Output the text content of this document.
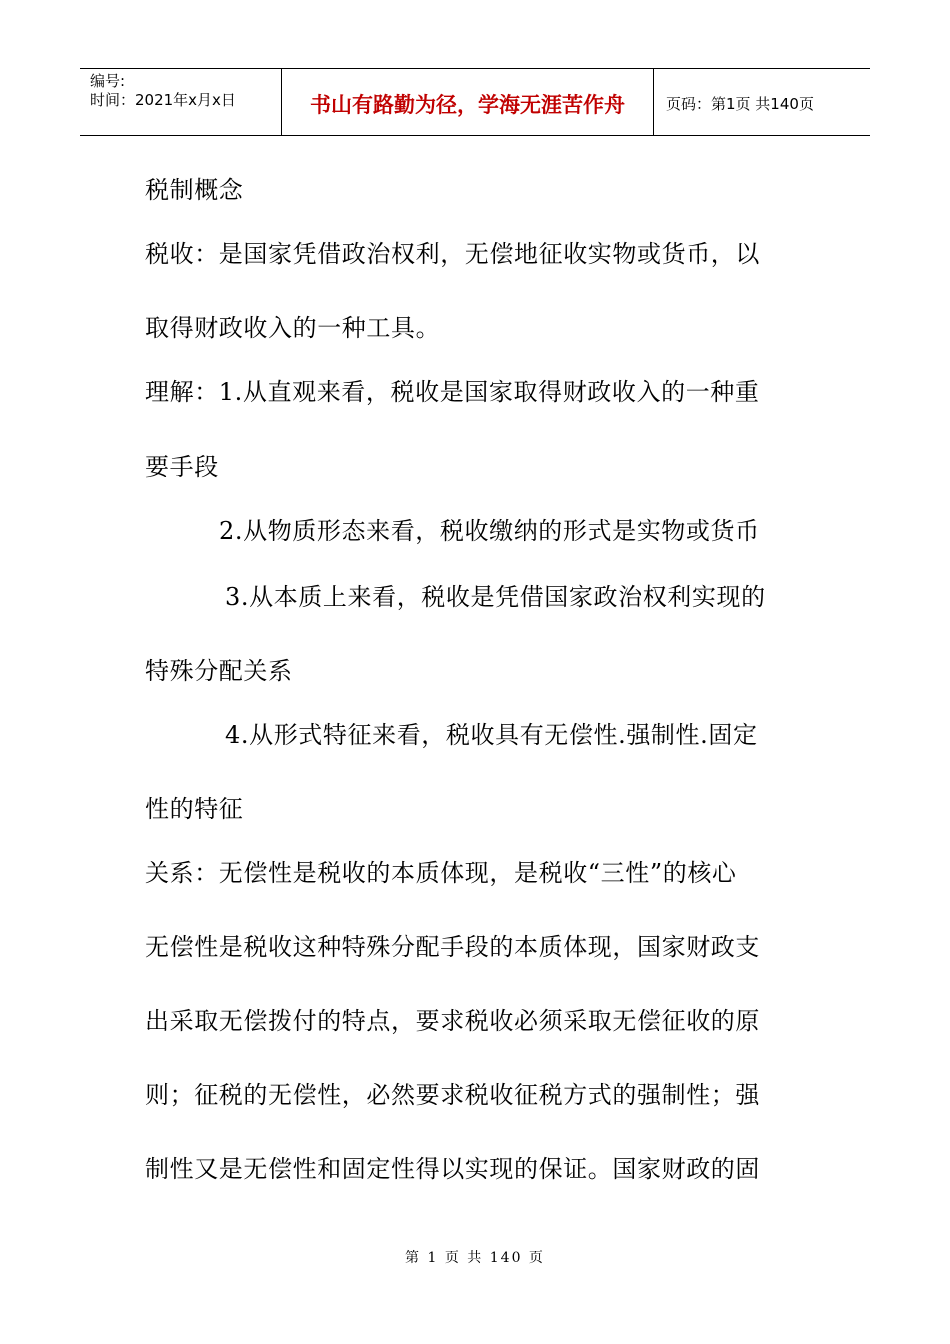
编号:
时间：2021年x月x日	书山有路勤为径，学海无涯苦作舟	页码：第1页 共140页
税制概念
税收：是国家凭借政治权利，无偿地征收实物或货币，以
取得财政收入的一种工具。
理解：1.从直观来看，税收是国家取得财政收入的一种重
要手段
2.从物质形态来看，税收缴纳的形式是实物或货币
3.从本质上来看，税收是凭借国家政治权利实现的
特殊分配关系
4.从形式特征来看，税收具有无偿性.强制性.固定
性的特征
关系：无偿性是税收的本质体现，是税收“三性”的核心
无偿性是税收这种特殊分配手段的本质体现，国家财政支
出采取无偿拨付的特点，要求税收必须采取无偿征收的原
则；征税的无偿性，必然要求税收征税方式的强制性；强
制性又是无偿性和固定性得以实现的保证。国家财政的固
第 1 页 共 140 页
